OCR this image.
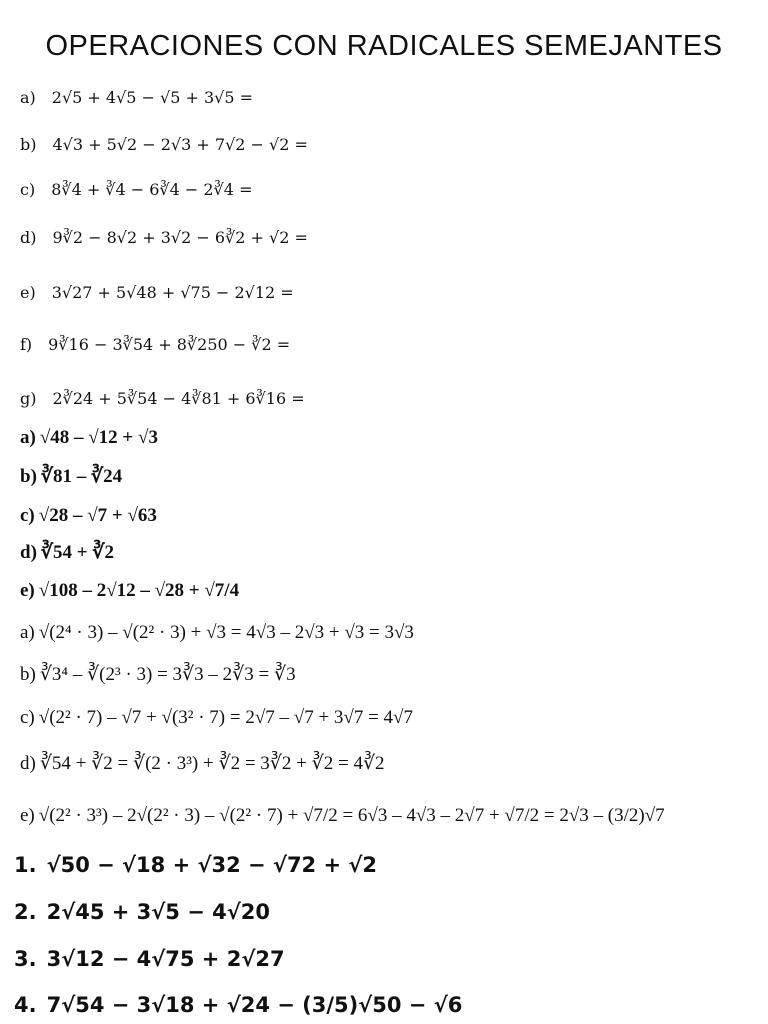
OPERACIONES CON RADICALES SEMEJANTES
a) 2√5 + 4√5 − √5 + 3√5 =
b) 4√3 + 5√2 − 2√3 + 7√2 − √2 =
c) 8∛4 + ∛4 − 6∛4 − 2∛4 =
d) 9∛2 − 8√2 + 3√2 − 6∛2 + √2 =
e) 3√27 + 5√48 + √75 − 2√12 =
f) 9∛16 − 3∛54 + 8∛250 − ∛2 =
g) 2∛24 + 5∛54 − 4∛81 + 6∛16 =
a) √48 – √12 + √3
b) ∛81 – ∛24
c) √28 – √7 + √63
d) ∛54 + ∛2
e) √108 – 2√12 – √28 + √7/4
a) √(2⁴ · 3) – √(2² · 3) + √3 = 4√3 – 2√3 + √3 = 3√3
b) ∛3⁴ – ∛(2³ · 3) = 3∛3 – 2∛3 = ∛3
c) √(2² · 7) – √7 + √(3² · 7) = 2√7 – √7 + 3√7 = 4√7
d) ∛54 + ∛2 = ∛(2 · 3³) + ∛2 = 3∛2 + ∛2 = 4∛2
e) √(2² · 3³) – 2√(2² · 3) – √(2² · 7) + √7/2 = 6√3 – 4√3 – 2√7 + √7/2 = 2√3 – (3/2)√7
1. √50 − √18 + √32 − √72 + √2
2. 2√45 + 3√5 − 4√20
3. 3√12 − 4√75 + 2√27
4. 7√54 − 3√18 + √24 − (3/5)√50 − √6
